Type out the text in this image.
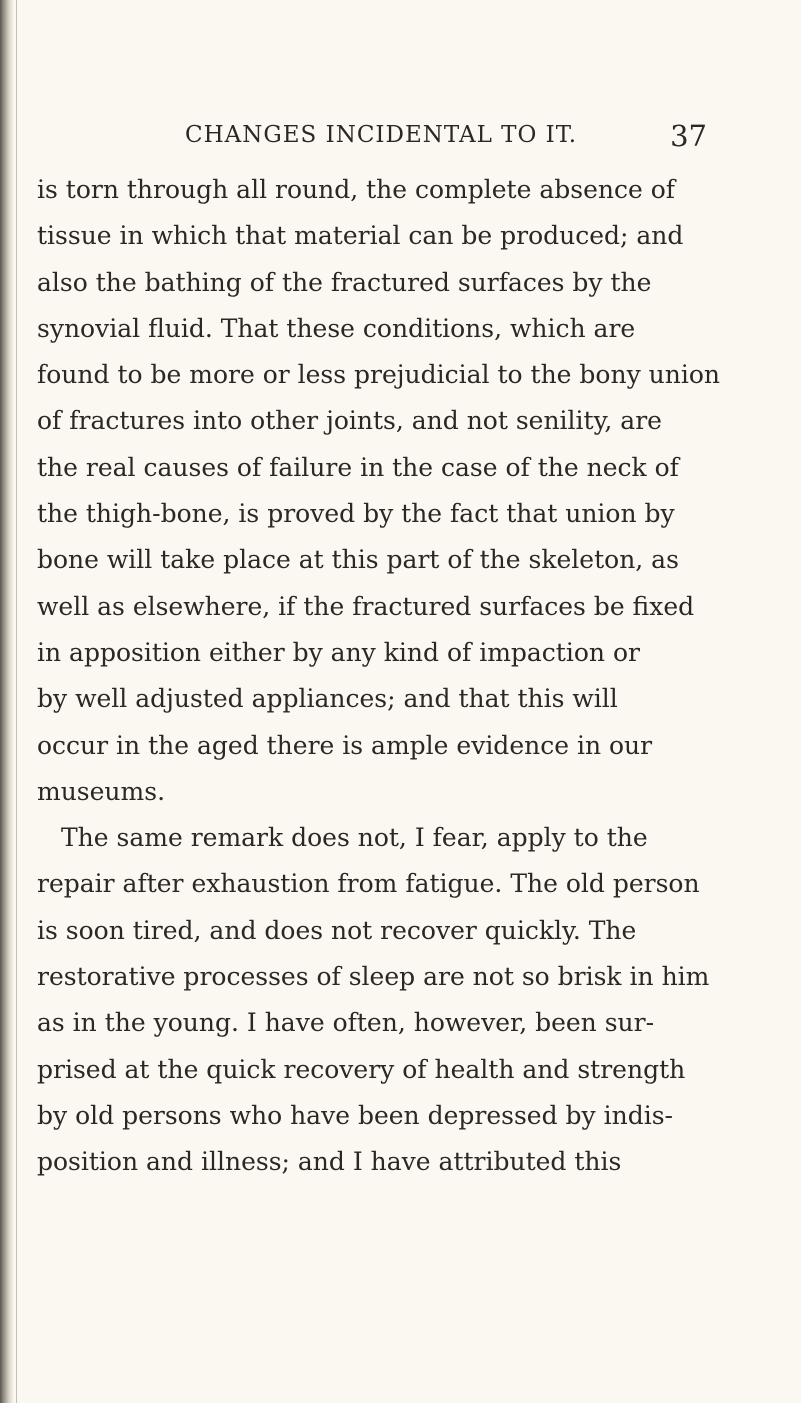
CHANGES INCIDENTAL TO IT.	37
is torn through all round, the complete absence of
tissue in which that material can be produced; and
also the bathing of the fractured surfaces by the
synovial fluid. That these conditions, which are
found to be more or less prejudicial to the bony union
of fractures into other joints, and not senility, are
the real causes of failure in the case of the neck of
the thigh-bone, is proved by the fact that union by
bone will take place at this part of the skeleton, as
well as elsewhere, if the fractured surfaces be fixed
in apposition either by any kind of impaction or
by well adjusted appliances; and that this will
occur in the aged there is ample evidence in our
museums.
The same remark does not, I fear, apply to the
repair after exhaustion from fatigue. The old person
is soon tired, and does not recover quickly. The
restorative processes of sleep are not so brisk in him
as in the young. I have often, however, been sur-
prised at the quick recovery of health and strength
by old persons who have been depressed by indis-
position and illness; and I have attributed this
